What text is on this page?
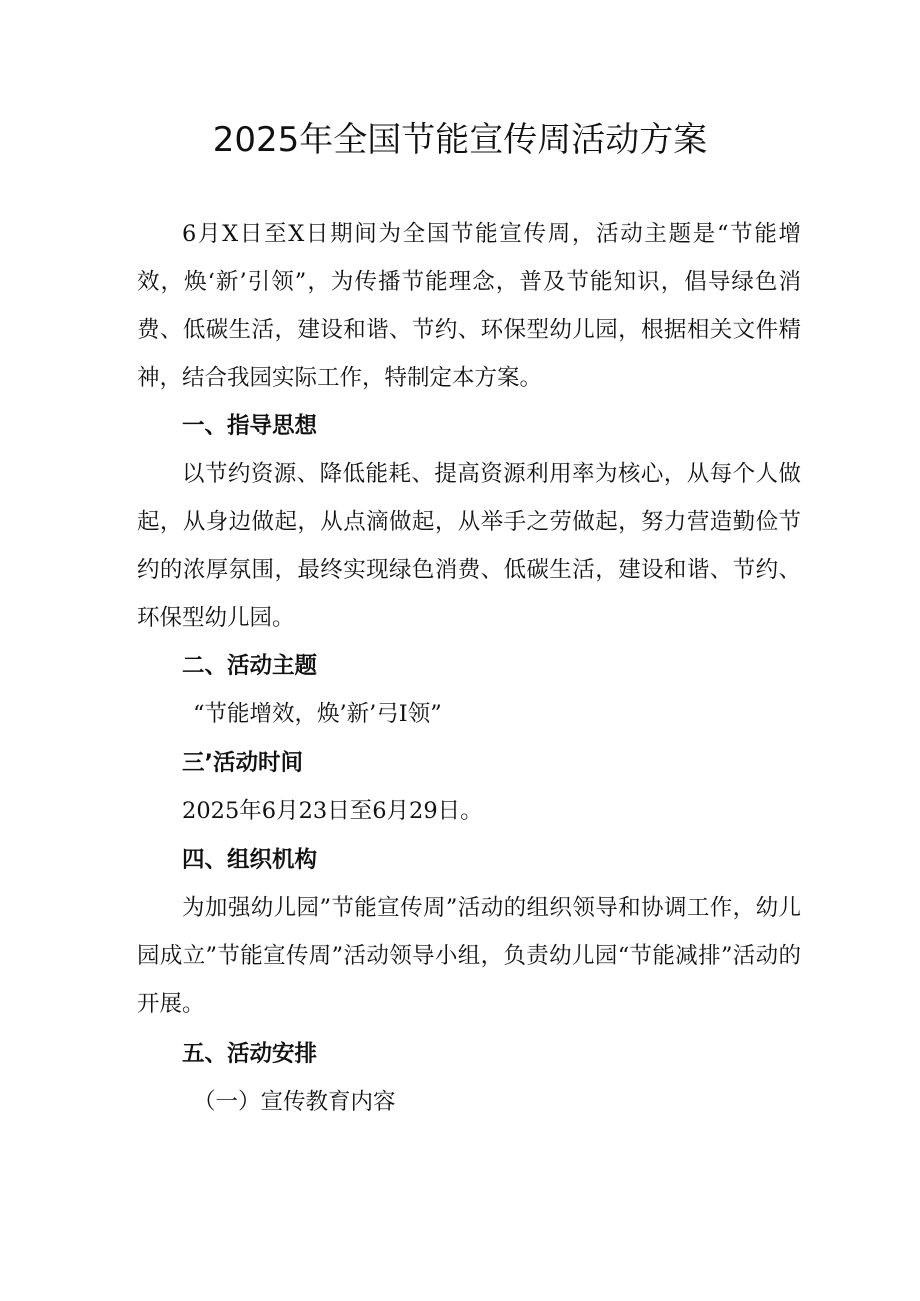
2025年全国节能宣传周活动方案

6月X日至X日期间为全国节能宣传周，活动主题是“节能增效，焕‘新’引领”，为传播节能理念，普及节能知识，倡导绿色消费、低碳生活，建设和谐、节约、环保型幼儿园，根据相关文件精神，结合我园实际工作，特制定本方案。

一、指导思想

以节约资源、降低能耗、提高资源利用率为核心，从每个人做起，从身边做起，从点滴做起，从举手之劳做起，努力营造勤俭节约的浓厚氛围，最终实现绿色消费、低碳生活，建设和谐、节约、环保型幼儿园。

二、活动主题

“节能增效，焕’新’弓I领”

三’活动时间

2025年6月23日至6月29日。

四、组织机构

为加强幼儿园”节能宣传周”活动的组织领导和协调工作，幼儿园成立”节能宣传周”活动领导小组，负责幼儿园“节能减排”活动的开展。

五、活动安排

（一）宣传教育内容
